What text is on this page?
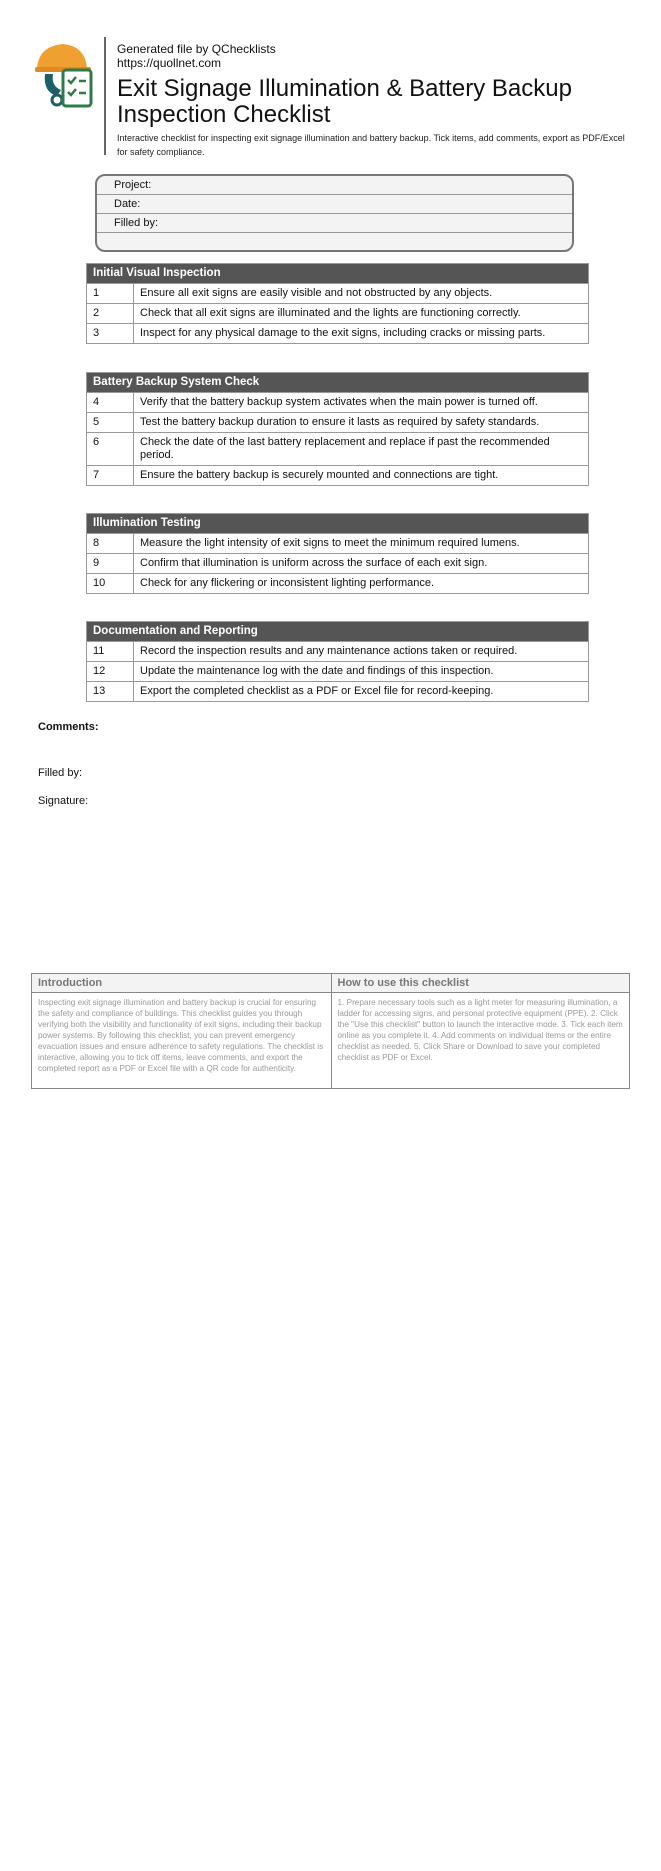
Generated file by QChecklists
https://quollnet.com
Exit Signage Illumination & Battery Backup Inspection Checklist
Interactive checklist for inspecting exit signage illumination and battery backup. Tick items, add comments, export as PDF/Excel for safety compliance.
Project:
Date:
Filled by:
Initial Visual Inspection
1	Ensure all exit signs are easily visible and not obstructed by any objects.
2	Check that all exit signs are illuminated and the lights are functioning correctly.
3	Inspect for any physical damage to the exit signs, including cracks or missing parts.
Battery Backup System Check
4	Verify that the battery backup system activates when the main power is turned off.
5	Test the battery backup duration to ensure it lasts as required by safety standards.
6	Check the date of the last battery replacement and replace if past the recommended period.
7	Ensure the battery backup is securely mounted and connections are tight.
Illumination Testing
8	Measure the light intensity of exit signs to meet the minimum required lumens.
9	Confirm that illumination is uniform across the surface of each exit sign.
10	Check for any flickering or inconsistent lighting performance.
Documentation and Reporting
11	Record the inspection results and any maintenance actions taken or required.
12	Update the maintenance log with the date and findings of this inspection.
13	Export the completed checklist as a PDF or Excel file for record-keeping.
Comments:
Filled by:
Signature:
Introduction
Inspecting exit signage illumination and battery backup is crucial for ensuring the safety and compliance of buildings. This checklist guides you through verifying both the visibility and functionality of exit signs, including their backup power systems. By following this checklist, you can prevent emergency evacuation issues and ensure adherence to safety regulations. The checklist is interactive, allowing you to tick off items, leave comments, and export the completed report as a PDF or Excel file with a QR code for authenticity.
How to use this checklist
1. Prepare necessary tools such as a light meter for measuring illumination, a ladder for accessing signs, and personal protective equipment (PPE). 2. Click the "Use this checklist" button to launch the interactive mode. 3. Tick each item online as you complete it. 4. Add comments on individual items or the entire checklist as needed. 5. Click Share or Download to save your completed checklist as PDF or Excel.
